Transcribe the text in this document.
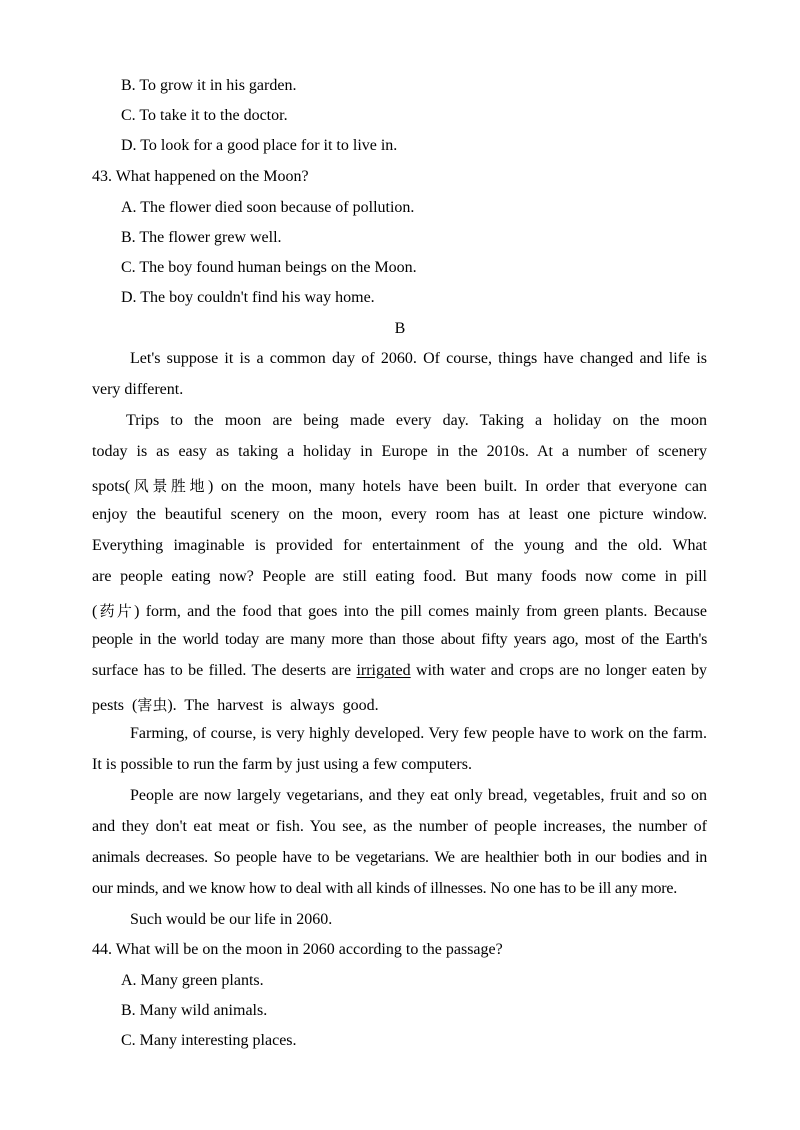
B. To grow it in his garden.
C. To take it to the doctor.
D. To look for a good place for it to live in.
43. What happened on the Moon?
A. The flower died soon because of pollution.
B. The flower grew well.
C. The boy found human beings on the Moon.
D. The boy couldn't find his way home.
B
Let's suppose it is a common day of 2060. Of course, things have changed and life is
very different.
Trips to the moon are being made every day. Taking a holiday on the moon
today is as easy as taking a holiday in Europe in the 2010s. At a number of scenery
spots(风景胜地) on the moon, many hotels have been built. In order that everyone can
enjoy the beautiful scenery on the moon, every room has at least one picture window.
Everything imaginable is provided for entertainment of the young and the old. What
are people eating now? People are still eating food. But many foods now come in pill
(药片) form, and the food that goes into the pill comes mainly from green plants. Because
people in the world today are many more than those about fifty years ago, most of the Earth's
surface has to be filled. The deserts are irrigated with water and crops are no longer eaten by
pests (害虫). The harvest is always good.
Farming, of course, is very highly developed. Very few people have to work on the farm.
It is possible to run the farm by just using a few computers.
People are now largely vegetarians, and they eat only bread, vegetables, fruit and so on
and they don't eat meat or fish. You see, as the number of people increases, the number of
animals decreases. So people have to be vegetarians. We are healthier both in our bodies and in
our minds, and we know how to deal with all kinds of illnesses. No one has to be ill any more.
Such would be our life in 2060.
44. What will be on the moon in 2060 according to the passage?
A. Many green plants.
B. Many wild animals.
C. Many interesting places.
